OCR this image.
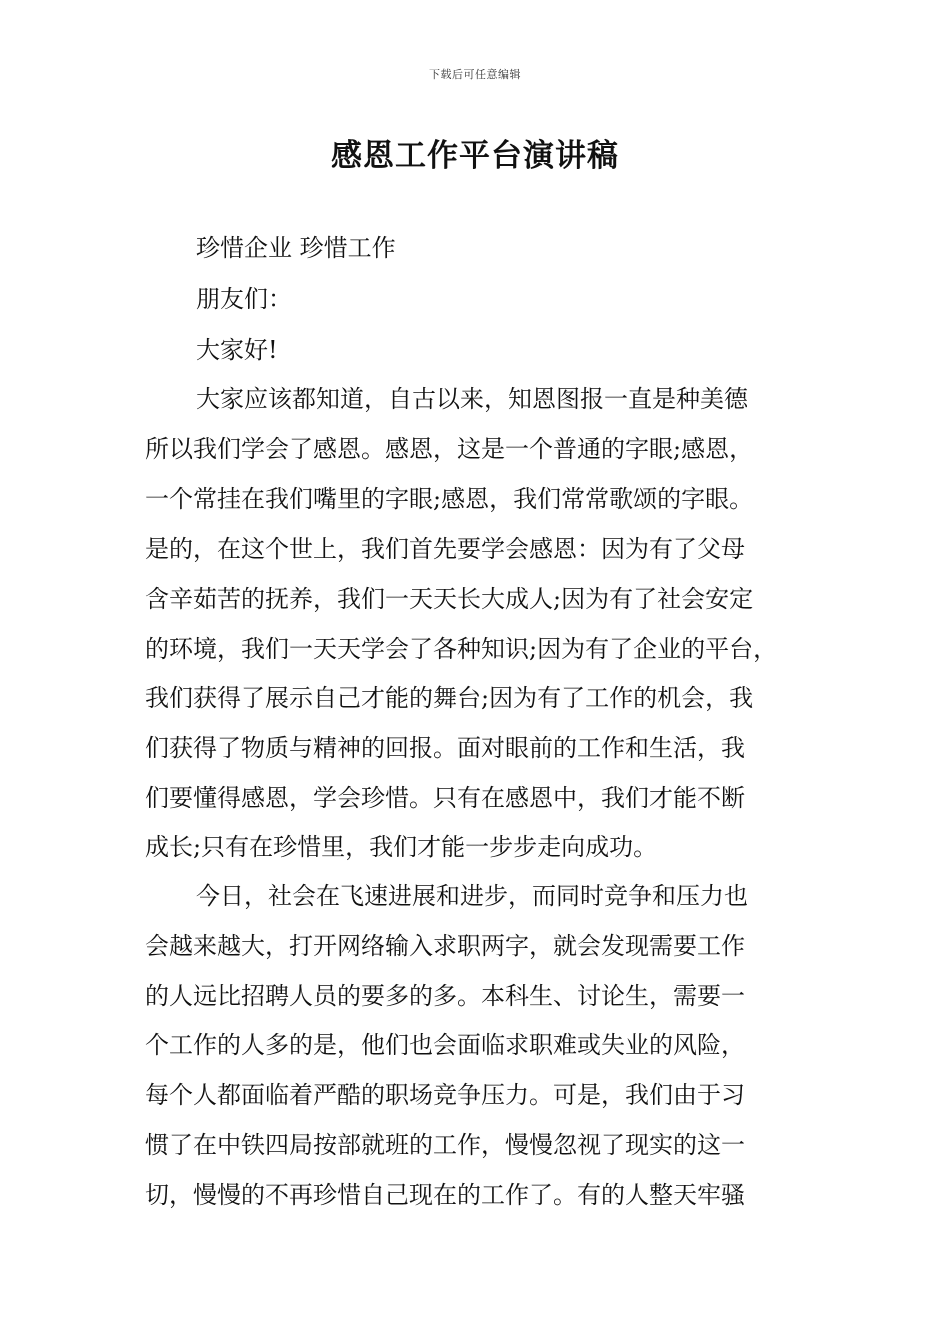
下载后可任意编辑
感恩工作平台演讲稿
珍惜企业 珍惜工作
朋友们：
大家好!
大家应该都知道，自古以来，知恩图报一直是种美德
所以我们学会了感恩。感恩，这是一个普通的字眼;感恩，
一个常挂在我们嘴里的字眼;感恩，我们常常歌颂的字眼。
是的，在这个世上，我们首先要学会感恩：因为有了父母
含辛茹苦的抚养，我们一天天长大成人;因为有了社会安定
的环境，我们一天天学会了各种知识;因为有了企业的平台，
我们获得了展示自己才能的舞台;因为有了工作的机会，我
们获得了物质与精神的回报。面对眼前的工作和生活，我
们要懂得感恩，学会珍惜。只有在感恩中，我们才能不断
成长;只有在珍惜里，我们才能一步步走向成功。
今日，社会在飞速进展和进步，而同时竞争和压力也
会越来越大，打开网络输入求职两字，就会发现需要工作
的人远比招聘人员的要多的多。本科生、讨论生，需要一
个工作的人多的是，他们也会面临求职难或失业的风险，
每个人都面临着严酷的职场竞争压力。可是，我们由于习
惯了在中铁四局按部就班的工作，慢慢忽视了现实的这一
切，慢慢的不再珍惜自己现在的工作了。有的人整天牢骚
